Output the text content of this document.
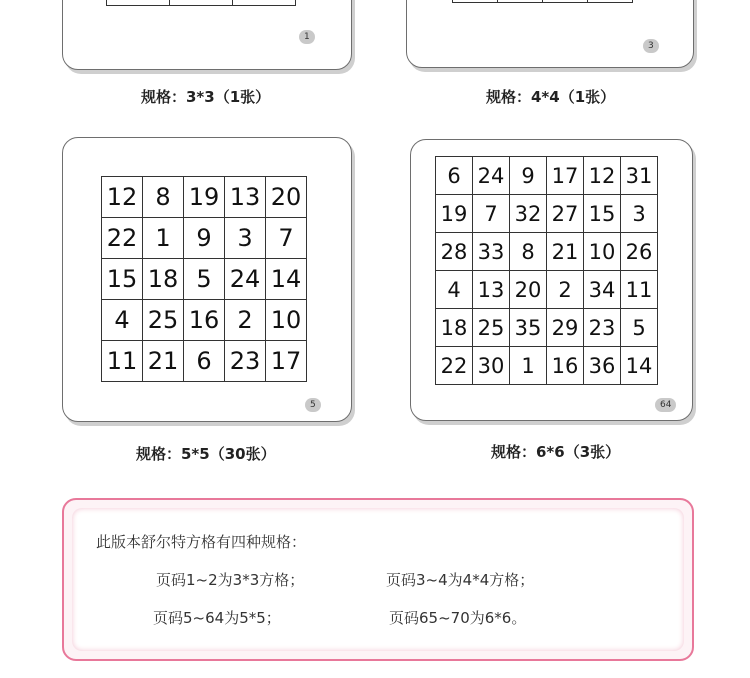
1
规格：3*3（1张）

3
规格：4*4（1张）
12	8	19	13	20
22	1	9	3	7
15	18	5	24	14
4	25	16	2	10
11	21	6	23	17
5
规格：5*5（30张）
6	24	9	17	12	31
19	7	32	27	15	3
28	33	8	21	10	26
4	13	20	2	34	11
18	25	35	29	23	5
22	30	1	16	36	14
64
规格：6*6（3张）
此版本舒尔特方格有四种规格：
页码1~2为3*3方格；	页码3~4为4*4方格；
页码5~64为5*5；	页码65~70为6*6。
